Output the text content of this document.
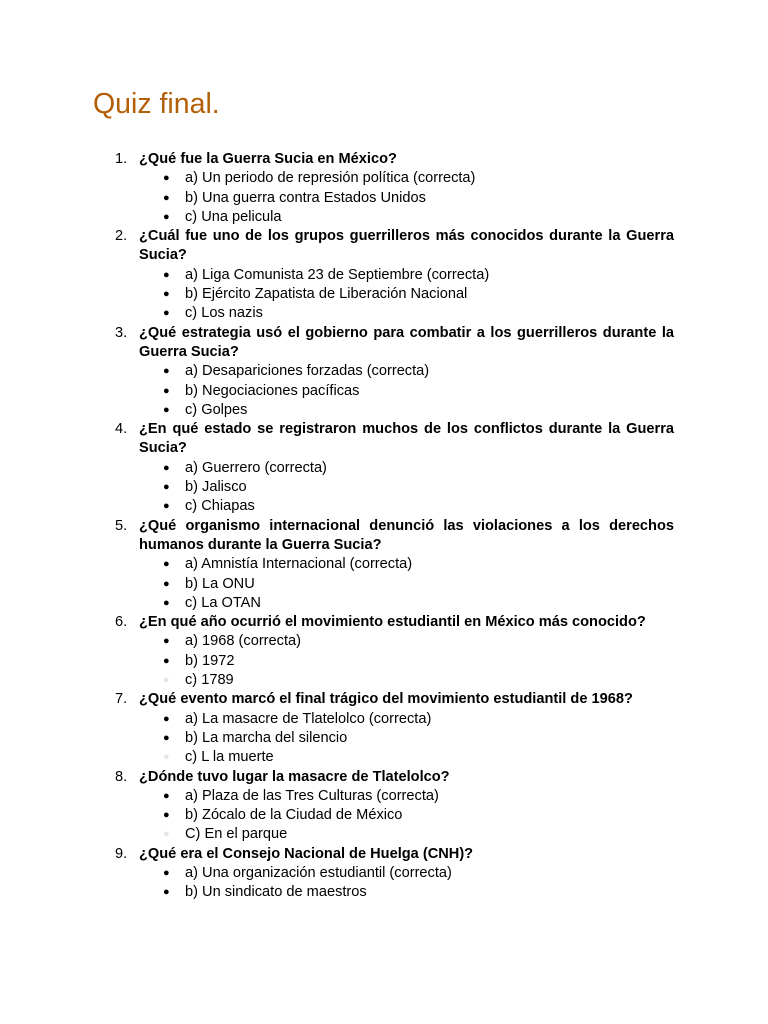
Quiz final.
1. ¿Qué fue la Guerra Sucia en México?
● a) Un periodo de represión política (correcta)
● b) Una guerra contra Estados Unidos
● c) Una pelicula
2. ¿Cuál fue uno de los grupos guerrilleros más conocidos durante la Guerra Sucia?
● a) Liga Comunista 23 de Septiembre (correcta)
● b) Ejército Zapatista de Liberación Nacional
● c) Los nazis
3. ¿Qué estrategia usó el gobierno para combatir a los guerrilleros durante la Guerra Sucia?
● a) Desapariciones forzadas (correcta)
● b) Negociaciones pacíficas
● c) Golpes
4. ¿En qué estado se registraron muchos de los conflictos durante la Guerra Sucia?
● a) Guerrero (correcta)
● b) Jalisco
● c) Chiapas
5. ¿Qué organismo internacional denunció las violaciones a los derechos humanos durante la Guerra Sucia?
● a) Amnistía Internacional (correcta)
● b) La ONU
● c) La OTAN
6. ¿En qué año ocurrió el movimiento estudiantil en México más conocido?
● a) 1968 (correcta)
● b) 1972
● c) 1789
7. ¿Qué evento marcó el final trágico del movimiento estudiantil de 1968?
● a) La masacre de Tlatelolco (correcta)
● b) La marcha del silencio
● c) L la muerte
8. ¿Dónde tuvo lugar la masacre de Tlatelolco?
● a) Plaza de las Tres Culturas (correcta)
● b) Zócalo de la Ciudad de México
● C) En el parque
9. ¿Qué era el Consejo Nacional de Huelga (CNH)?
● a) Una organización estudiantil (correcta)
● b) Un sindicato de maestros
